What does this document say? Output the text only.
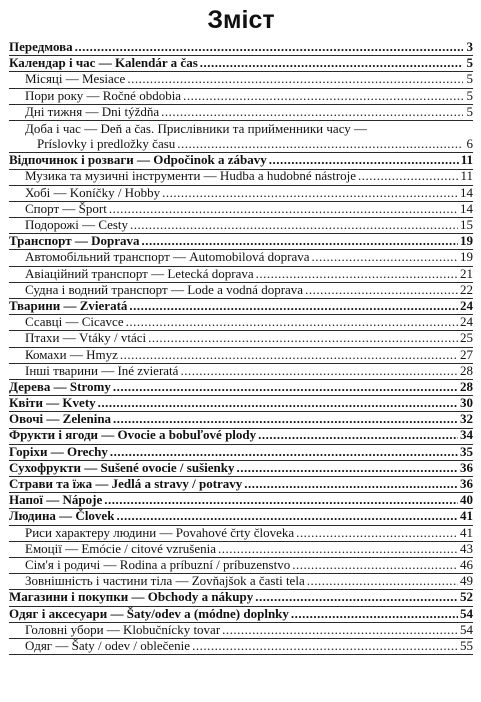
Зміст
Передмова .....	3
Календар і час — Kalendár a čas .....	5
Місяці — Mesiace .....	5
Пори року — Ročné obdobia .....	5
Дні тижня — Dni týždňa .....	5
Доба і час — Deň a čas. Прислівники та прийменники часу —
Príslovky i predložky času .....	6
Відпочинок і розваги — Odpočinok a zábavy .....	11
Музика та музичні інструменти — Hudba a hudobné nástroje .....	11
Хобі — Koníčky / Hobby .....	14
Спорт — Šport .....	14
Подорожі — Cesty .....	15
Транспорт — Doprava .....	19
Автомобільний транспорт — Automobilová doprava .....	19
Авіаційний транспорт — Letecká doprava .....	21
Судна і водний транспорт — Lode a vodná doprava .....	22
Тварини — Zvieratá .....	24
Ссавці — Cicavce .....	24
Птахи — Vtáky / vtáci .....	25
Комахи — Hmyz .....	27
Інші тварини — Iné zvieratá .....	28
Дерева — Stromy .....	28
Квіти — Kvety .....	30
Овочі — Zelenina .....	32
Фрукти і ягоди — Ovocie a bobuľové plody .....	34
Горіхи — Orechy .....	35
Сухофрукти — Sušené ovocie / sušienky .....	36
Страви та їжа — Jedlá a stravy / potravy .....	36
Напої — Nápoje .....	40
Людина — Človek .....	41
Риси характеру людини — Povahové črty človeka .....	41
Емоції — Emócie / citové vzrušenia .....	43
Сім'я і родичі — Rodina a príbuzní / príbuzenstvo .....	46
Зовнішність і частини тіла — Zovňajšok a časti tela .....	49
Магазини і покупки — Obchody a nákupy .....	52
Одяг і аксесуари — Šaty/odev a (módne) doplnky .....	54
Головні убори — Klobučnícky tovar .....	54
Одяг — Šaty / odev / oblečenie .....	55
